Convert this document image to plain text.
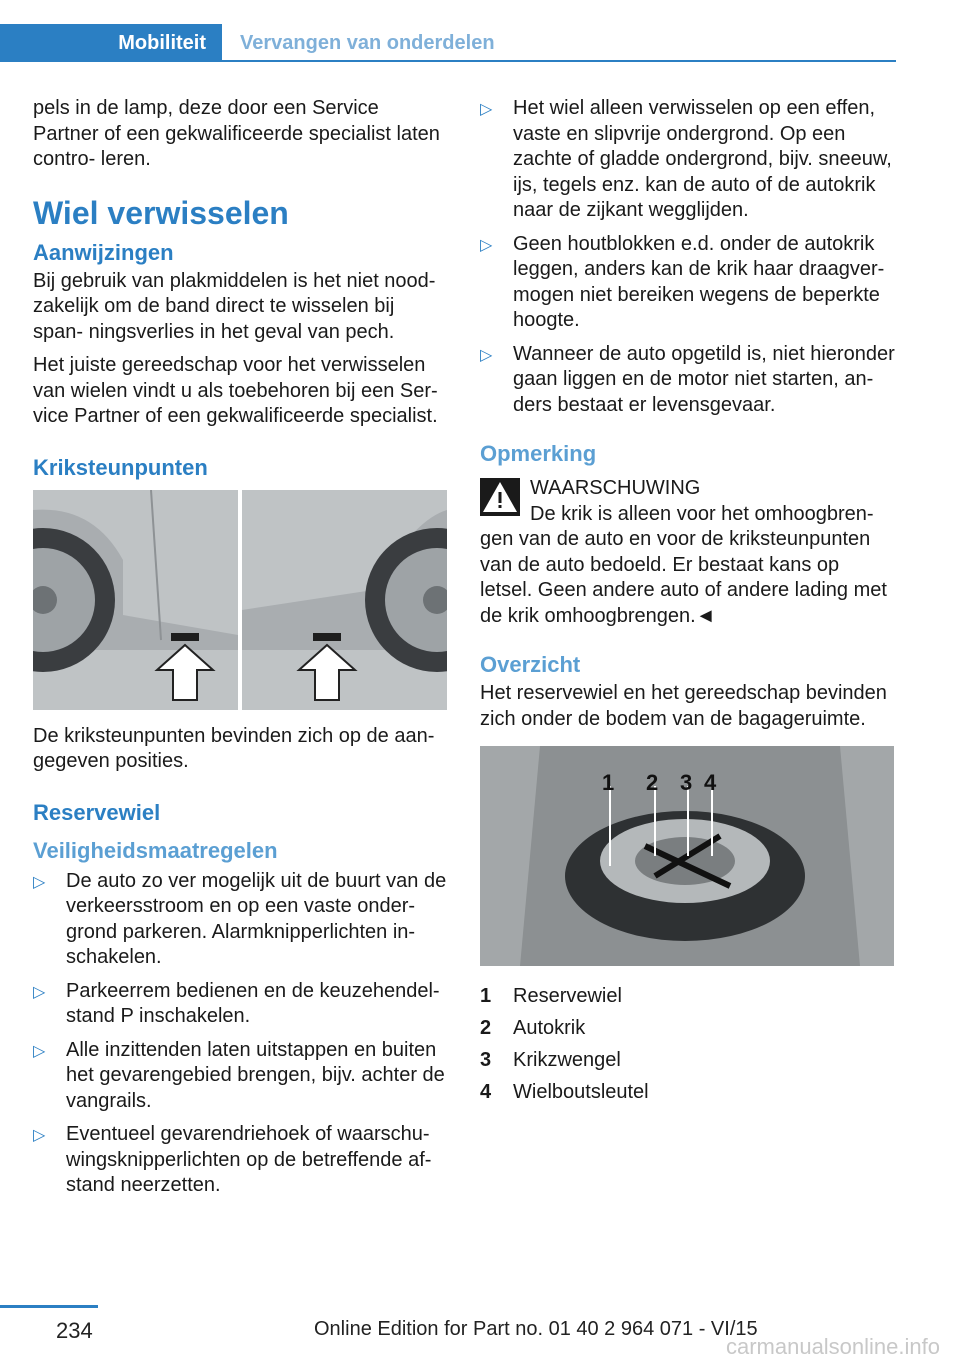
Mobiliteit Vervangen van onderdelen

pels in de lamp, deze door een Service Partner of een gekwalificeerde specialist laten contro- leren.

Wiel verwisselen
Aanwijzingen

Bij gebruik van plakmiddelen is het niet nood- zakelijk om de band direct te wisselen bij span- ningsverlies in het geval van pech.

Het juiste gereedschap voor het verwisselen van wielen vindt u als toebehoren bij een Ser- vice Partner of een gekwalificeerde specialist.

Kriksteunpunten

De kriksteunpunten bevinden zich op de aan- gegeven posities.

Reservewiel
Veiligheidsmaatregelen
▷ De auto zo ver mogelijk uit de buurt van de verkeersstroom en op een vaste onder- grond parkeren. Alarmknipperlichten in- schakelen.
▷ Parkeerrem bedienen en de keuzehendel- stand P inschakelen.
▷ Alle inzittenden laten uitstappen en buiten het gevarengebied brengen, bijv. achter de vangrails.
▷ Eventueel gevarendriehoek of waarschu- wingsknipperlichten op de betreffende af- stand neerzetten.
▷ Het wiel alleen verwisselen op een effen, vaste en slipvrije ondergrond. Op een zachte of gladde ondergrond, bijv. sneeuw, ijs, tegels enz. kan de auto of de autokrik naar de zijkant wegglijden.
▷ Geen houtblokken e.d. onder de autokrik leggen, anders kan de krik haar draagver- mogen niet bereiken wegens de beperkte hoogte.
▷ Wanneer de auto opgetild is, niet hieronder gaan liggen en de motor niet starten, an- ders bestaat er levensgevaar.
Opmerking
WAARSCHUWING
De krik is alleen voor het omhoogbren-

gen van de auto en voor de kriksteunpunten van de auto bedoeld. Er bestaat kans op letsel. Geen andere auto of andere lading met de krik omhoogbrengen.◄

Overzicht

Het reservewiel en het gereedschap bevinden zich onder de bodem van de bagageruimte.

1 2 3 4
1	Reservewiel
2	Autokrik
3	Krikzwengel
4	Wielboutsleutel
234	Online Edition for Part no. 01 40 2 964 071 - VI/15
carmanualsonline.info
